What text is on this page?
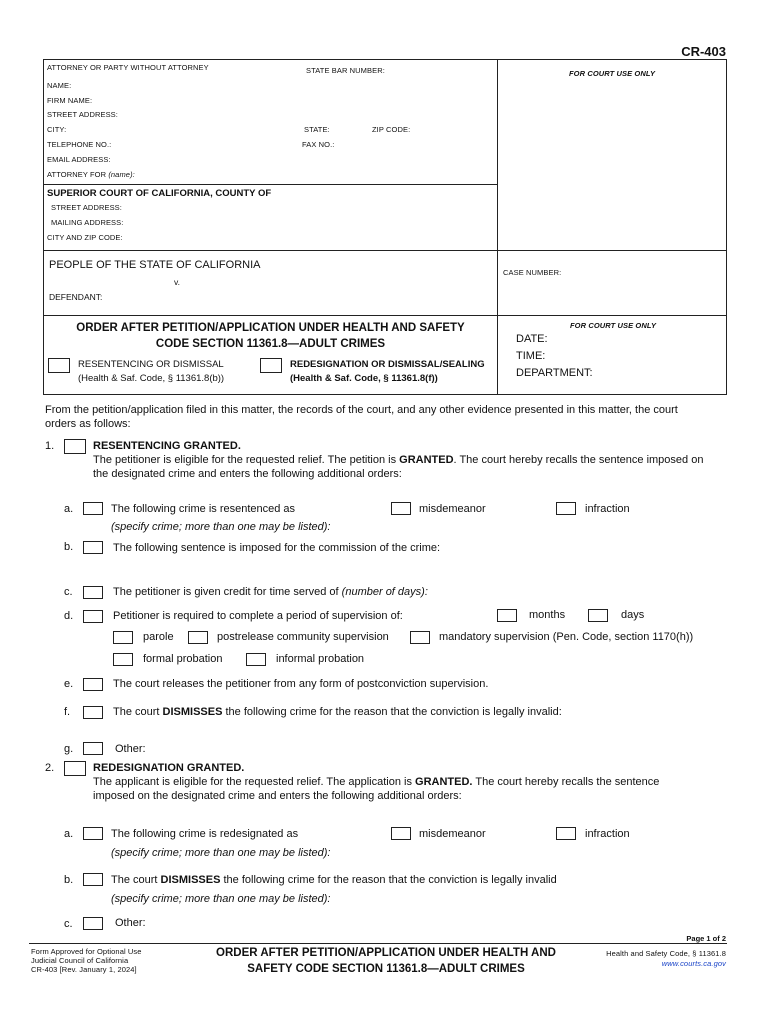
CR-403
ATTORNEY OR PARTY WITHOUT ATTORNEY	STATE BAR NUMBER:	FOR COURT USE ONLY
NAME:
FIRM NAME:
STREET ADDRESS:
CITY:	STATE:	ZIP CODE:
TELEPHONE NO.:	FAX NO.:
EMAIL ADDRESS:
ATTORNEY FOR (name):
SUPERIOR COURT OF CALIFORNIA, COUNTY OF
STREET ADDRESS:
MAILING ADDRESS:
CITY AND ZIP CODE:
PEOPLE OF THE STATE OF CALIFORNIA
v.
DEFENDANT:
CASE NUMBER:
ORDER AFTER PETITION/APPLICATION UNDER HEALTH AND SAFETY
CODE SECTION 11361.8—ADULT CRIMES
RESENTENCING OR DISMISSAL
(Health & Saf. Code, § 11361.8(b))
REDESIGNATION OR DISMISSAL/SEALING
(Health & Saf. Code, § 11361.8(f))
FOR COURT USE ONLY
DATE:
TIME:
DEPARTMENT:
From the petition/application filed in this matter, the records of the court, and any other evidence presented in this matter, the court
orders as follows:
1.	RESENTENCING GRANTED.
The petitioner is eligible for the requested relief. The petition is GRANTED. The court hereby recalls the sentence imposed on
the designated crime and enters the following additional orders:
a.	The following crime is resentenced as	misdemeanor	infraction
(specify crime; more than one may be listed):
b.	The following sentence is imposed for the commission of the crime:
c.	The petitioner is given credit for time served of (number of days):
d.	Petitioner is required to complete a period of supervision of:	months	days
parole	postrelease community supervision	mandatory supervision (Pen. Code, section 1170(h))
formal probation	informal probation
e.	The court releases the petitioner from any form of postconviction supervision.
f.	The court DISMISSES the following crime for the reason that the conviction is legally invalid:
g.	Other:
2.	REDESIGNATION GRANTED.
The applicant is eligible for the requested relief. The application is GRANTED. The court hereby recalls the sentence
imposed on the designated crime and enters the following additional orders:
a.	The following crime is redesignated as	misdemeanor	infraction
(specify crime; more than one may be listed):
b.	The court DISMISSES the following crime for the reason that the conviction is legally invalid
(specify crime; more than one may be listed):
c.	Other:
Page 1 of 2
Form Approved for Optional Use
Judicial Council of California
CR-403 [Rev. January 1, 2024]
ORDER AFTER PETITION/APPLICATION UNDER HEALTH AND
SAFETY CODE SECTION 11361.8—ADULT CRIMES
Health and Safety Code, § 11361.8
www.courts.ca.gov
